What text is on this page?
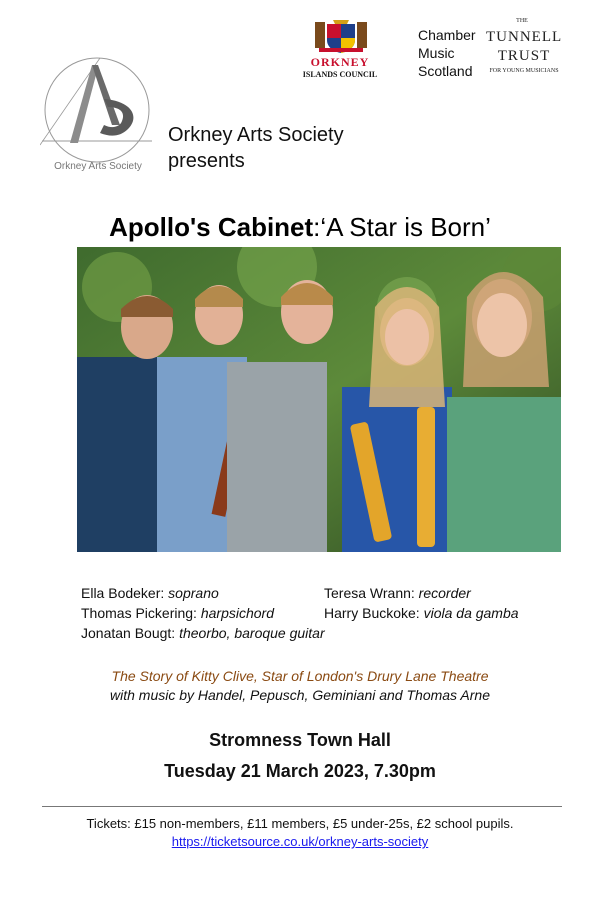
Orkney Arts Society
Orkney Arts Society
presents
ORKNEY
ISLANDS COUNCIL
Chamber
Music
Scotland
THE
TUNNELL
TRUST
FOR YOUNG MUSICIANS
Apollo's Cabinet:‘A Star is Born’
Ella Bodeker: soprano	Teresa Wrann: recorder
Thomas Pickering: harpsichord	Harry Buckoke: viola da gamba
Jonatan Bougt: theorbo, baroque guitar
The Story of Kitty Clive, Star of London's Drury Lane Theatre
with music by Handel, Pepusch, Geminiani and Thomas Arne
Stromness Town Hall
Tuesday 21 March 2023, 7.30pm
Tickets: £15 non-members, £11 members, £5 under-25s, £2 school pupils.
https://ticketsource.co.uk/orkney-arts-society
